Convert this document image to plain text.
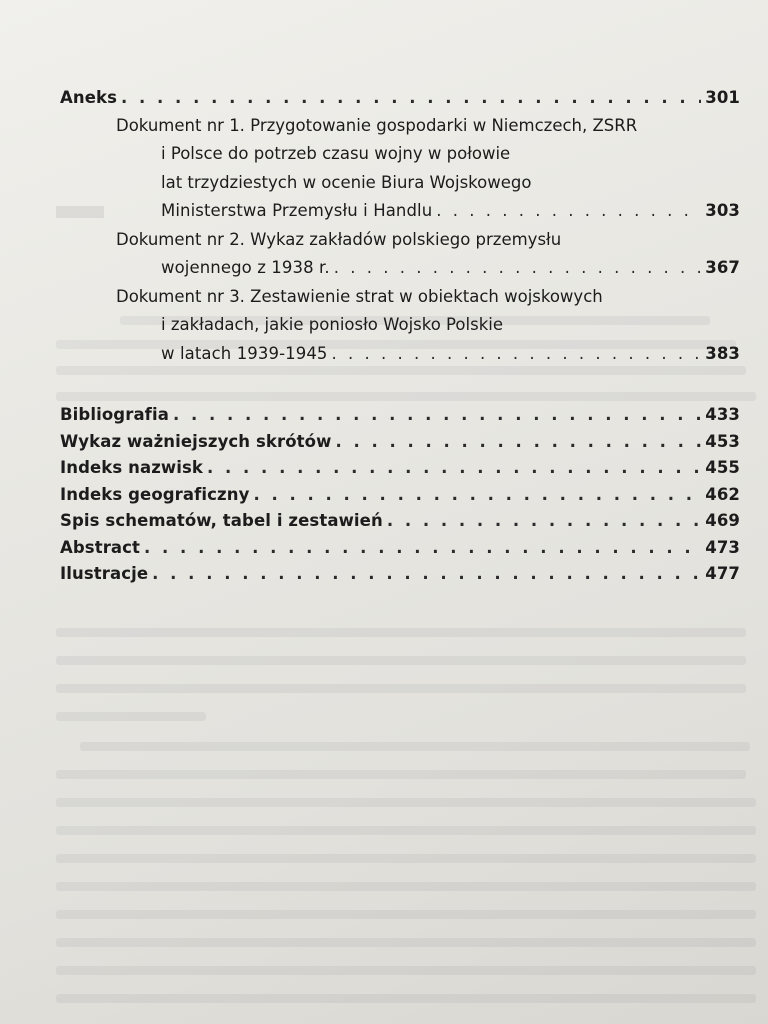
Aneks . . .	301
Dokument nr 1. Przygotowanie gospodarki w Niemczech, ZSRR
i Polsce do potrzeb czasu wojny w połowie
lat trzydziestych w ocenie Biura Wojskowego
Ministerstwa Przemysłu i Handlu . . .	303
Dokument nr 2. Wykaz zakładów polskiego przemysłu
wojennego z 1938 r. . . .	367
Dokument nr 3. Zestawienie strat w obiektach wojskowych
i zakładach, jakie poniosło Wojsko Polskie
w latach 1939-1945 . . .	383
Bibliografia . . .	433
Wykaz ważniejszych skrótów . . .	453
Indeks nazwisk . . .	455
Indeks geograficzny . . .	462
Spis schematów, tabel i zestawień . . .	469
Abstract . . .	473
Ilustracje . . .	477
